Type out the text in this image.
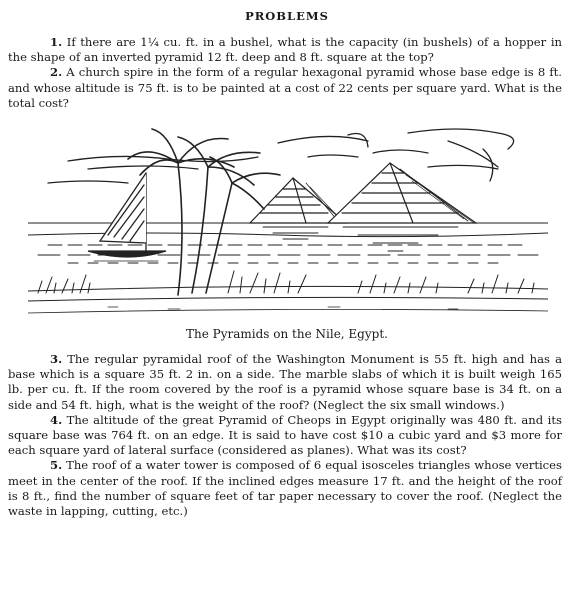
PROBLEMS

1. If there are 1¼ cu. ft. in a bushel, what is the capacity (in bushels) of a hopper in the shape of an inverted pyramid 12 ft. deep and 8 ft. square at the top?

2. A church spire in the form of a regular hexagonal pyramid whose base edge is 8 ft. and whose altitude is 75 ft. is to be painted at a cost of 22 cents per square yard. What is the total cost?

The Pyramids on the Nile, Egypt.

3. The regular pyramidal roof of the Washington Monument is 55 ft. high and has a base which is a square 35 ft. 2 in. on a side. The marble slabs of which it is built weigh 165 lb. per cu. ft. If the room covered by the roof is a pyramid whose square base is 34 ft. on a side and 54 ft. high, what is the weight of the roof? (Neglect the six small windows.)

4. The altitude of the great Pyramid of Cheops in Egypt originally was 480 ft. and its square base was 764 ft. on an edge. It is said to have cost $10 a cubic yard and $3 more for each square yard of lateral surface (considered as planes). What was its cost?

5. The roof of a water tower is composed of 6 equal isosceles triangles whose vertices meet in the center of the roof. If the inclined edges measure 17 ft. and the height of the roof is 8 ft., find the number of square feet of tar paper necessary to cover the roof. (Neglect the waste in lapping, cutting, etc.)
